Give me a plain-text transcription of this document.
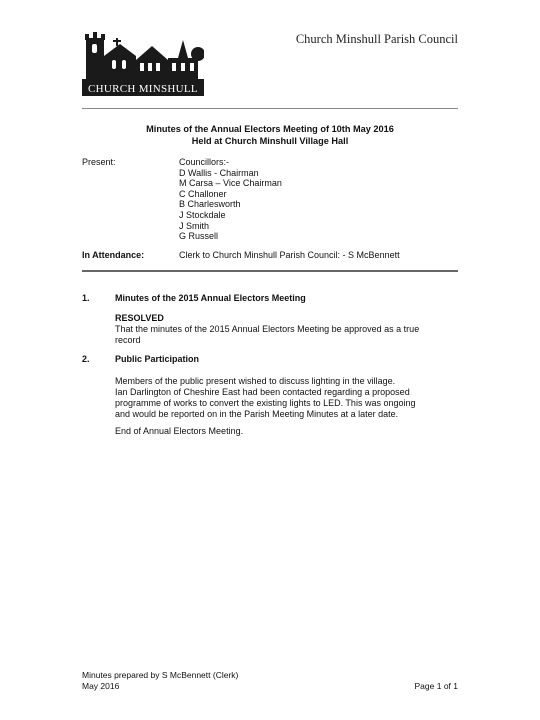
CHURCH MINSHULL
Church Minshull Parish Council
Minutes of the Annual Electors Meeting of 10th May 2016
Held at Church Minshull Village Hall
Present:	Councillors:-
D Wallis - Chairman
M Carsa – Vice Chairman
C Challoner
B Charlesworth
J Stockdale
J Smith
G Russell
In Attendance:	Clerk to Church Minshull Parish Council: - S McBennett
1.	Minutes of the 2015 Annual Electors Meeting
RESOLVED
That the minutes of the 2015 Annual Electors Meeting be approved as a true
record
2.	Public Participation
Members of the public present wished to discuss lighting in the village.
Ian Darlington of Cheshire East had been contacted regarding a proposed
programme of works to convert the existing lights to LED. This was ongoing
and would be reported on in the Parish Meeting Minutes at a later date.
End of Annual Electors Meeting.
Minutes prepared by S McBennett (Clerk)
May 2016	Page 1 of 1
